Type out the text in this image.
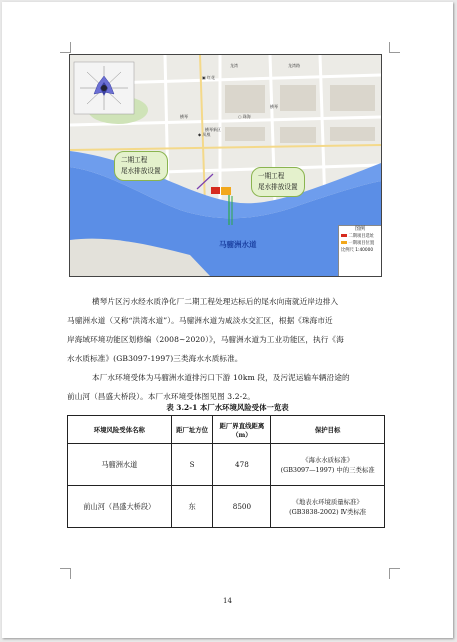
龙湾	龙湾路
▣ 红花
横琴
横琴新区
◆ 凤凰
○ 珠海
横琴
二期工程
尾水排放设置
一期工程
尾水排放设置
马骝洲水道
图例
二期项目选址
一期项目位置
比例尺 1:40000
横琴片区污水经水质净化厂二期工程处理达标后的尾水向南就近岸边排入
马骝洲水道（又称“洪湾水道”）。马骝洲水道为咸淡水交汇区，根据《珠海市近
岸海域环境功能区划修编（2008~2020）》，马骝洲水道为工业功能区，执行《海
水水质标准》(GB3097-1997)三类海水水质标准。
本厂水环境受体为马骝洲水道排污口下游 10km 段，及污泥运输车辆沿途的
前山河（昌盛大桥段）。本厂水环境受体图见图 3.2-2。
表 3.2-1 本厂水环境风险受体一览表
环境风险受体名称	距厂址方位	距厂界直线距离（m）	保护目标
马骝洲水道	S	478	《海水水质标准》
(GB3097—1997) 中的三类标准

前山河（昌盛大桥段）	东	8500	《地表水环境质量标准》
(GB3838-2002) Ⅳ类标准
14
